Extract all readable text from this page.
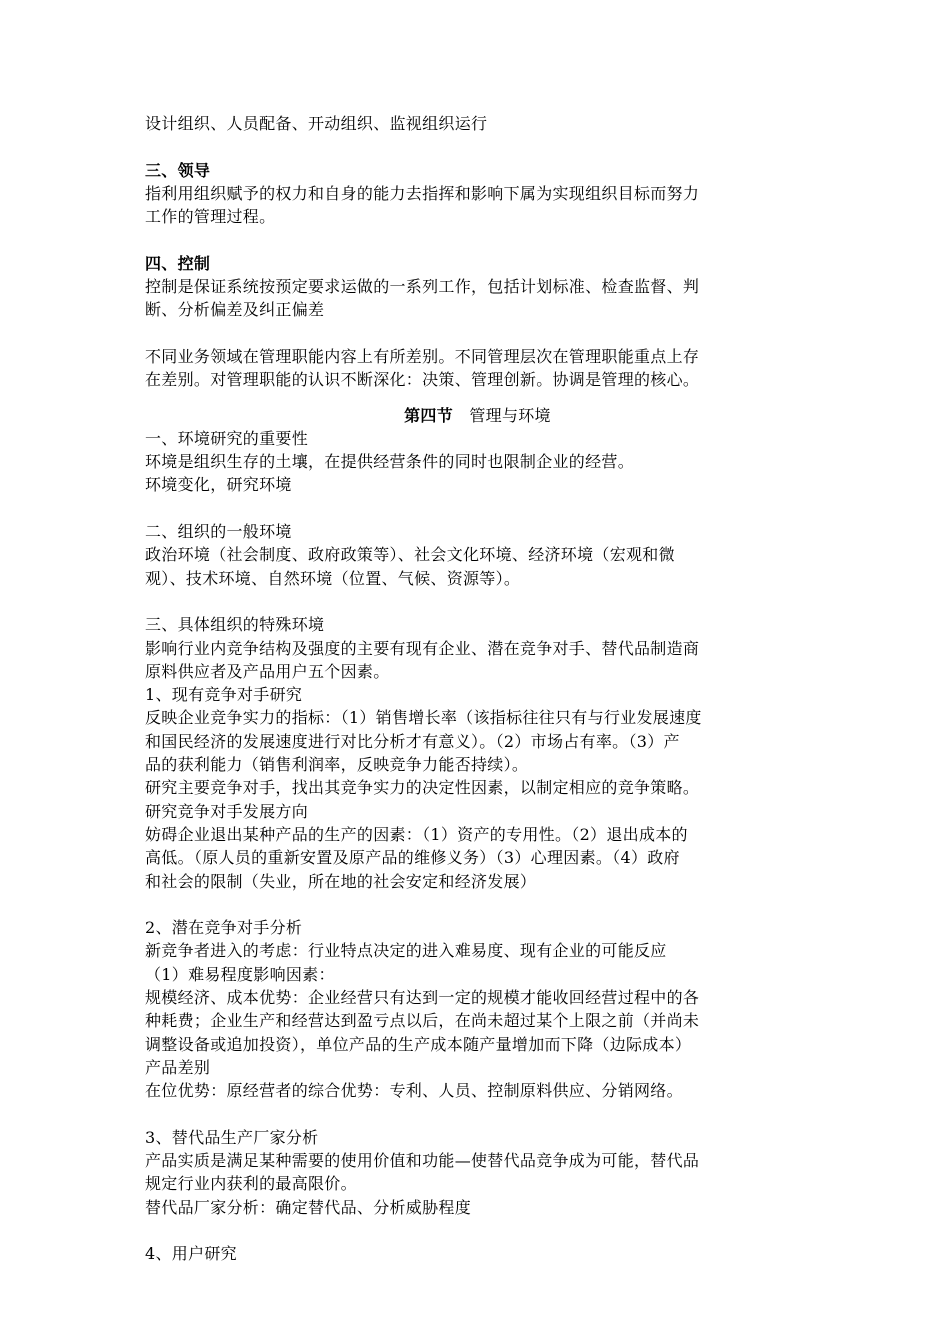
设计组织、人员配备、开动组织、监视组织运行
三、领导
指利用组织赋予的权力和自身的能力去指挥和影响下属为实现组织目标而努力
工作的管理过程。
四、控制
控制是保证系统按预定要求运做的一系列工作，包括计划标准、检查监督、判
断、分析偏差及纠正偏差
不同业务领域在管理职能内容上有所差别。不同管理层次在管理职能重点上存
在差别。对管理职能的认识不断深化：决策、管理创新。协调是管理的核心。
第四节　 管理与环境
一、环境研究的重要性
环境是组织生存的土壤，在提供经营条件的同时也限制企业的经营。
环境变化，研究环境
二、组织的一般环境
政治环境（社会制度、政府政策等）、社会文化环境、经济环境（宏观和微
观）、技术环境、自然环境（位置、气候、资源等）。
三、具体组织的特殊环境
影响行业内竞争结构及强度的主要有现有企业、潜在竞争对手、替代品制造商
原料供应者及产品用户五个因素。
1、现有竞争对手研究
反映企业竞争实力的指标：（1）销售增长率（该指标往往只有与行业发展速度
和国民经济的发展速度进行对比分析才有意义）。（2）市场占有率。（3）产
品的获利能力（销售利润率，反映竞争力能否持续）。
研究主要竞争对手，找出其竞争实力的决定性因素，以制定相应的竞争策略。
研究竞争对手发展方向
妨碍企业退出某种产品的生产的因素：（1）资产的专用性。（2）退出成本的
高低。（原人员的重新安置及原产品的维修义务）（3）心理因素。（4）政府
和社会的限制（失业，所在地的社会安定和经济发展）
2、潜在竞争对手分析
新竞争者进入的考虑：行业特点决定的进入难易度、现有企业的可能反应
（1）难易程度影响因素：
规模经济、成本优势：企业经营只有达到一定的规模才能收回经营过程中的各
种耗费；企业生产和经营达到盈亏点以后，在尚未超过某个上限之前（并尚未
调整设备或追加投资），单位产品的生产成本随产量增加而下降（边际成本）
产品差别
在位优势：原经营者的综合优势：专利、人员、控制原料供应、分销网络。
3、替代品生产厂家分析
产品实质是满足某种需要的使用价值和功能—使替代品竞争成为可能，替代品
规定行业内获利的最高限价。
替代品厂家分析：确定替代品、分析威胁程度
4、用户研究
